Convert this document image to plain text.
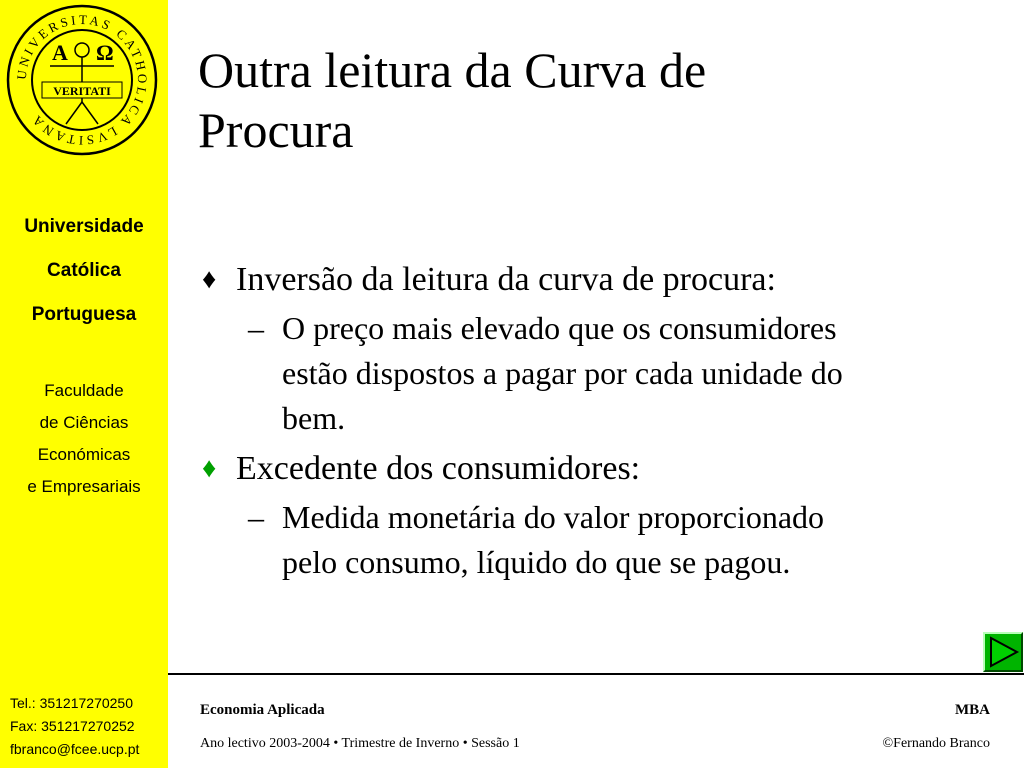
UNIVERSITAS CATHOLICA LVSITANA
A Ω
VERITATI
Universidade
Católica
Portuguesa
Faculdade
de Ciências
Económicas
e Empresariais
Tel.: 351217270250
Fax: 351217270252
fbranco@fcee.ucp.pt
Outra leitura da Curva de
Procura
♦ Inversão da leitura da curva de procura:
– O preço mais elevado que os consumidores
estão dispostos a pagar por cada unidade do
bem.
♦ Excedente dos consumidores:
– Medida monetária do valor proporcionado
pelo consumo, líquido do que se pagou.
Economia Aplicada	MBA
Ano lectivo 2003-2004 • Trimestre de Inverno • Sessão 1	©Fernando Branco
